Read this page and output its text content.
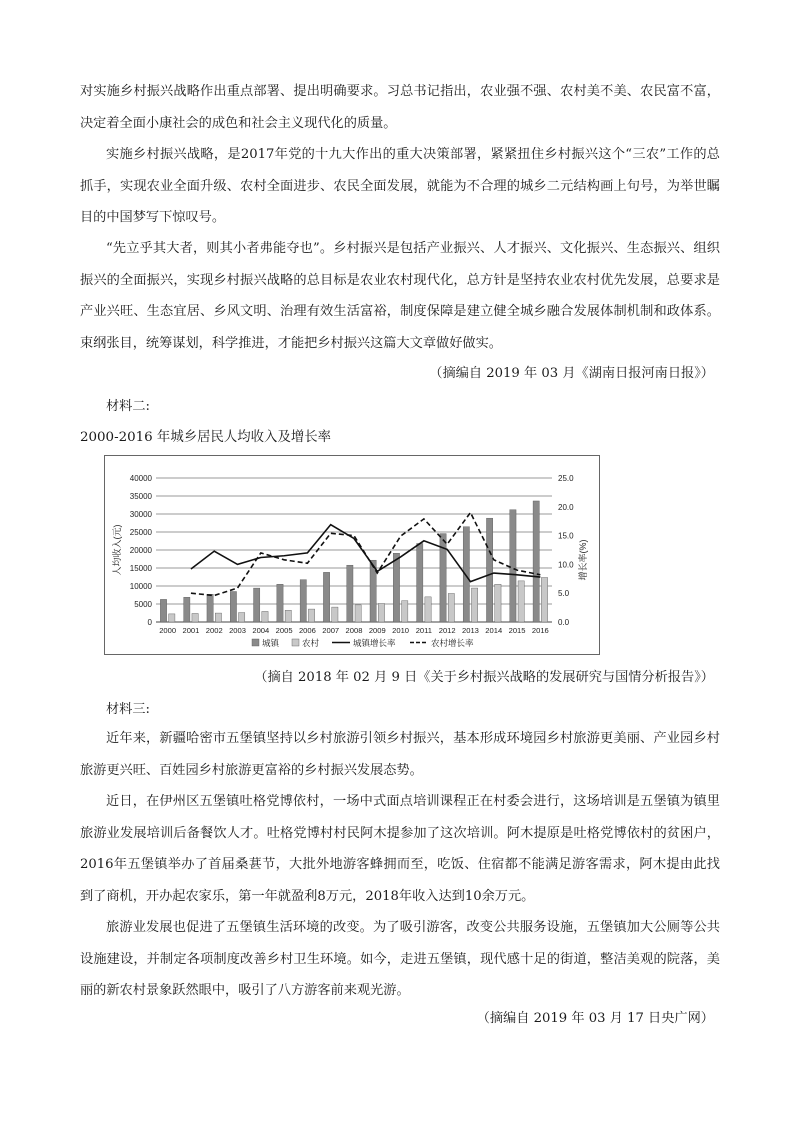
对实施乡村振兴战略作出重点部署、提出明确要求。习总书记指出，农业强不强、农村美不美、农民富不富，决定着全面小康社会的成色和社会主义现代化的质量。

实施乡村振兴战略，是2017年党的十九大作出的重大决策部署，紧紧扭住乡村振兴这个“三农”工作的总抓手，实现农业全面升级、农村全面进步、农民全面发展，就能为不合理的城乡二元结构画上句号，为举世瞩目的中国梦写下惊叹号。

“先立乎其大者，则其小者弗能夺也”。乡村振兴是包括产业振兴、人才振兴、文化振兴、生态振兴、组织振兴的全面振兴，实现乡村振兴战略的总目标是农业农村现代化，总方针是坚持农业农村优先发展，总要求是产业兴旺、生态宜居、乡风文明、治理有效生活富裕，制度保障是建立健全城乡融合发展体制机制和政体系。束纲张目，统筹谋划，科学推进，才能把乡村振兴这篇大文章做好做实。

（摘编自 2019 年 03 月《湖南日报河南日报》）

材料二:

2000-2016 年城乡居民人均收入及增长率

0
5000
10000
15000
20000
25000
30000
35000
40000
0.0
5.0
10.0
15.0
20.0
25.0
2000 2001 2002 2003 2004 2005 2006 2007 2008 2009 2010 2011 2012 2013 2014 2015 2016
人均收入(元)	增长率(%)
城镇	农村	城镇增长率	农村增长率

（摘自 2018 年 02 月 9 日《关于乡村振兴战略的发展研究与国情分析报告》）

材料三:

近年来，新疆哈密市五堡镇坚持以乡村旅游引领乡村振兴，基本形成环境园乡村旅游更美丽、产业园乡村旅游更兴旺、百姓园乡村旅游更富裕的乡村振兴发展态势。

近日，在伊州区五堡镇吐格党博依村，一场中式面点培训课程正在村委会进行，这场培训是五堡镇为镇里旅游业发展培训后备餐饮人才。吐格党博村村民阿木提参加了这次培训。阿木提原是吐格党博依村的贫困户，2016年五堡镇举办了首届桑葚节，大批外地游客蜂拥而至，吃饭、住宿都不能满足游客需求，阿木提由此找到了商机，开办起农家乐，第一年就盈利8万元，2018年收入达到10余万元。

旅游业发展也促进了五堡镇生活环境的改变。为了吸引游客，改变公共服务设施，五堡镇加大公厕等公共设施建设，并制定各项制度改善乡村卫生环境。如今，走进五堡镇，现代感十足的街道，整洁美观的院落，美丽的新农村景象跃然眼中，吸引了八方游客前来观光游。

（摘编自 2019 年 03 月 17 日央广网）
